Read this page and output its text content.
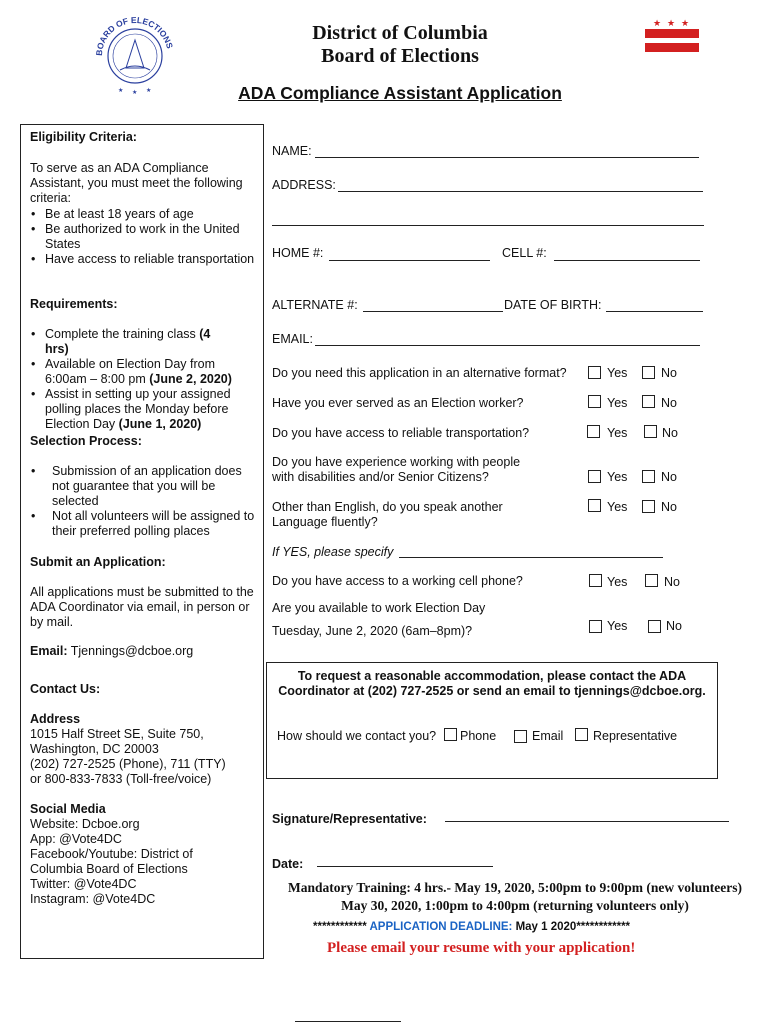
BOARD OF ELECTIONS
★ ★ ★
District of Columbia
Board of Elections
★ ★ ★
ADA Compliance Assistant Application
Eligibility Criteria:
To serve as an ADA Compliance Assistant, you must meet the following criteria:
• Be at least 18 years of age
• Be authorized to work in the United States
• Have access to reliable transportation
Requirements:
• Complete the training class (4 hrs)
• Available on Election Day from 6:00am – 8:00 pm (June 2, 2020)
• Assist in setting up your assigned polling places the Monday before Election Day (June 1, 2020)
Selection Process:
• Submission of an application does not guarantee that you will be selected
• Not all volunteers will be assigned to their preferred polling places
Submit an Application:
All applications must be submitted to the ADA Coordinator via email, in person or by mail.
Email: Tjennings@dcboe.org
Contact Us:
Address
1015 Half Street SE, Suite 750,
Washington, DC 20003
(202) 727-2525 (Phone), 711 (TTY)
or 800-833-7833 (Toll-free/voice)
Social Media
Website: Dcboe.org
App: @Vote4DC
Facebook/Youtube: District of
Columbia Board of Elections
Twitter: @Vote4DC
Instagram: @Vote4DC
NAME:
ADDRESS:
HOME #:	CELL #:
ALTERNATE #:	DATE OF BIRTH:
EMAIL:
Do you need this application in an alternative format?	Yes	No
Have you ever served as an Election worker?	Yes	No
Do you have access to reliable transportation?	Yes	No
Do you have experience working with people
with disabilities and/or Senior Citizens?	Yes	No
Other than English, do you speak another
Language fluently?
Yes	No
If YES, please specify
Do you have access to a working cell phone?	Yes	No
Are you available to work Election Day
Tuesday, June 2, 2020 (6am–8pm)?	Yes	No
To request a reasonable accommodation, please contact the ADA
Coordinator at (202) 727-2525 or send an email to tjennings@dcboe.org.
How should we contact you? Phone	Email Representative
Signature/Representative:
Date:
Mandatory Training: 4 hrs.- May 19, 2020, 5:00pm to 9:00pm (new volunteers)
May 30, 2020, 1:00pm to 4:00pm (returning volunteers only)
************ APPLICATION DEADLINE: May 1 2020************
Please email your resume with your application!
